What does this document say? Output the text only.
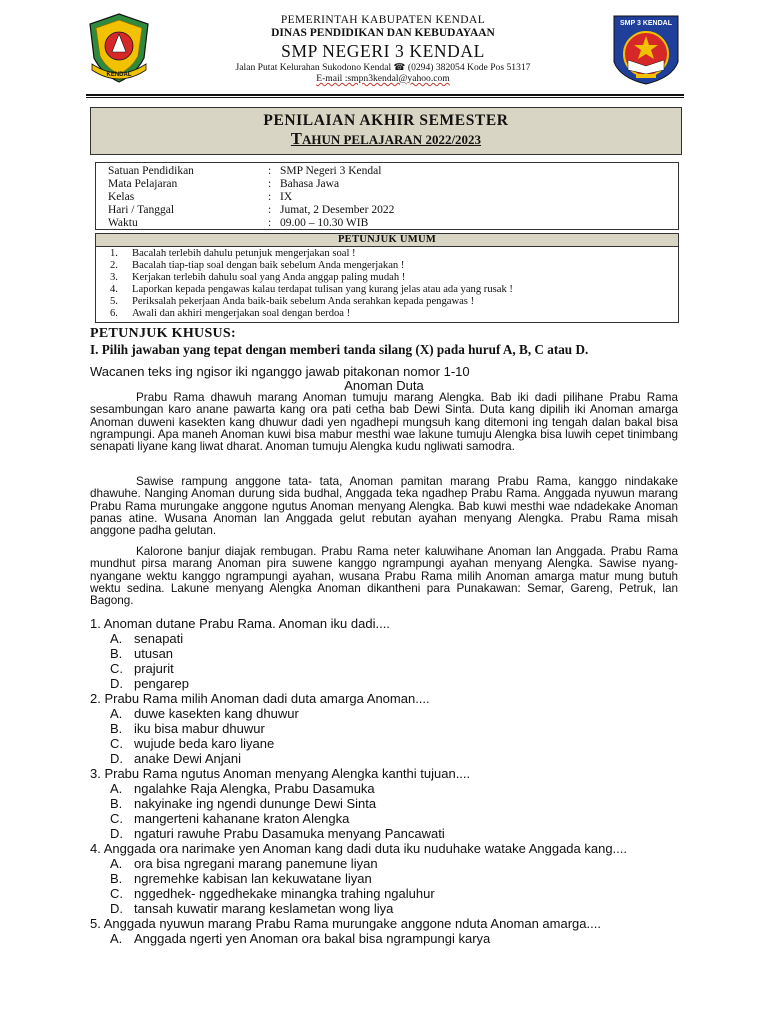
KENDAL
SMP 3 KENDAL
PEMERINTAH KABUPATEN KENDAL
DINAS PENDIDIKAN DAN KEBUDAYAAN
SMP NEGERI 3 KENDAL
Jalan Putat Kelurahan Sukodono Kendal ☎ (0294) 382054 Kode Pos 51317
E-mail :smpn3kendal@yahoo.com
PENILAIAN AKHIR SEMESTER
TAHUN PELAJARAN 2022/2023
Satuan Pendidikan	: SMP Negeri 3 Kendal
Mata Pelajaran	: Bahasa Jawa
Kelas	: IX
Hari / Tanggal	: Jumat, 2 Desember 2022
Waktu	: 09.00 – 10.30 WIB
PETUNJUK UMUM
1. Bacalah terlebih dahulu petunjuk mengerjakan soal !
2. Bacalah tiap-tiap soal dengan baik sebelum Anda mengerjakan !
3. Kerjakan terlebih dahulu soal yang Anda anggap paling mudah !
4. Laporkan kepada pengawas kalau terdapat tulisan yang kurang jelas atau ada yang rusak !
5. Periksalah pekerjaan Anda baik-baik sebelum Anda serahkan kepada pengawas !
6. Awali dan akhiri mengerjakan soal dengan berdoa !
PETUNJUK KHUSUS:
I. Pilih jawaban yang tepat dengan memberi tanda silang (X) pada huruf A, B, C atau D.
Wacanen teks ing ngisor iki nganggo jawab pitakonan nomor 1-10
Anoman Duta

Prabu Rama dhawuh marang Anoman tumuju marang Alengka. Bab iki dadi pilihane Prabu Rama sesambungan karo anane pawarta kang ora pati cetha bab Dewi Sinta. Duta kang dipilih iki Anoman amarga Anoman duweni kasekten kang dhuwur dadi yen ngadhepi mungsuh kang ditemoni ing tengah dalan bakal bisa ngrampungi. Apa maneh Anoman kuwi bisa mabur mesthi wae lakune tumuju Alengka bisa luwih cepet tinimbang senapati liyane kang liwat dharat. Anoman tumuju Alengka kudu ngliwati samodra.

Sawise rampung anggone tata- tata, Anoman pamitan marang Prabu Rama, kanggo nindakake dhawuhe. Nanging Anoman durung sida budhal, Anggada teka ngadhep Prabu Rama. Anggada nyuwun marang Prabu Rama murungake anggone ngutus Anoman menyang Alengka. Bab kuwi mesthi wae ndadekake Anoman panas atine. Wusana Anoman lan Anggada gelut rebutan ayahan menyang Alengka. Prabu Rama misah anggone padha gelutan.

Kalorone banjur diajak rembugan. Prabu Rama neter kaluwihane Anoman lan Anggada. Prabu Rama mundhut pirsa marang Anoman pira suwene kanggo ngrampungi ayahan menyang Alengka. Sawise nyang- nyangane wektu kanggo ngrampungi ayahan, wusana Prabu Rama milih Anoman amarga matur mung butuh wektu sedina. Lakune menyang Alengka Anoman dikantheni para Punakawan: Semar, Gareng, Petruk, lan Bagong.

1. Anoman dutane Prabu Rama. Anoman iku dadi....
A. senapati
B. utusan
C. prajurit
D. pengarep
2. Prabu Rama milih Anoman dadi duta amarga Anoman....
A. duwe kasekten kang dhuwur
B. iku bisa mabur dhuwur
C. wujude beda karo liyane
D. anake Dewi Anjani
3. Prabu Rama ngutus Anoman menyang Alengka kanthi tujuan....
A. ngalahke Raja Alengka, Prabu Dasamuka
B. nakyinake ing ngendi dununge Dewi Sinta
C. mangerteni kahanane kraton Alengka
D. ngaturi rawuhe Prabu Dasamuka menyang Pancawati
4. Anggada ora narimake yen Anoman kang dadi duta iku nuduhake watake Anggada kang....
A. ora bisa ngregani marang panemune liyan
B. ngremehke kabisan lan kekuwatane liyan
C. nggedhek- nggedhekake minangka trahing ngaluhur
D. tansah kuwatir marang keslametan wong liya
5. Anggada nyuwun marang Prabu Rama murungake anggone nduta Anoman amarga....
A. Anggada ngerti yen Anoman ora bakal bisa ngrampungi karya
